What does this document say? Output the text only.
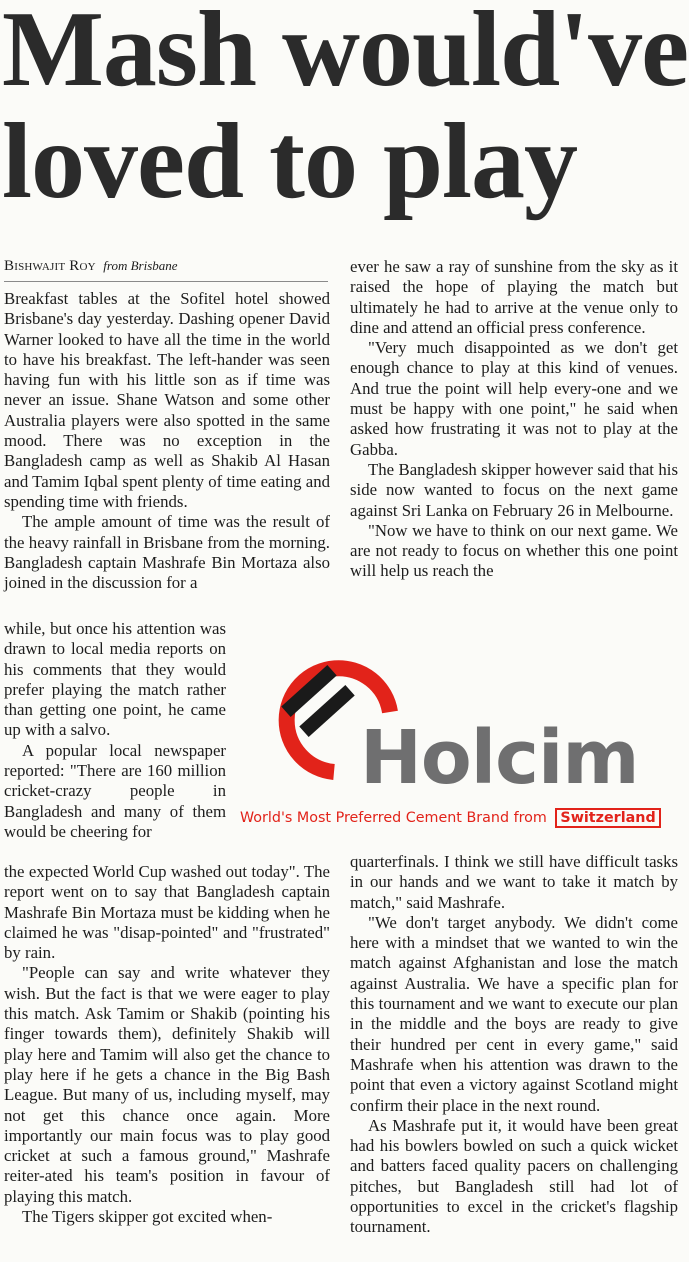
Mash would've
loved to play
Bishwajit Roy from Brisbane

Breakfast tables at the Sofitel hotel showed Brisbane's day yesterday. Dashing opener David Warner looked to have all the time in the world to have his breakfast. The left-hander was seen having fun with his little son as if time was never an issue. Shane Watson and some other Australia players were also spotted in the same mood. There was no exception in the Bangladesh camp as well as Shakib Al Hasan and Tamim Iqbal spent plenty of time eating and spending time with friends.

The ample amount of time was the result of the heavy rainfall in Brisbane from the morning. Bangladesh captain Mashrafe Bin Mortaza also joined in the discussion for a

while, but once his attention was drawn to local media reports on his comments that they would prefer playing the match rather than getting one point, he came up with a salvo.

A popular local newspaper reported: "There are 160 million cricket-crazy people in Bangladesh and many of them would be cheering for

the expected World Cup washed out today". The report went on to say that Bangladesh captain Mashrafe Bin Mortaza must be kidding when he claimed he was "disap-pointed" and "frustrated" by rain.

"People can say and write whatever they wish. But the fact is that we were eager to play this match. Ask Tamim or Shakib (pointing his finger towards them), definitely Shakib will play here and Tamim will also get the chance to play here if he gets a chance in the Big Bash League. But many of us, including myself, may not get this chance once again. More importantly our main focus was to play good cricket at such a famous ground," Mashrafe reiter-ated his team's position in favour of playing this match.

The Tigers skipper got excited when-

ever he saw a ray of sunshine from the sky as it raised the hope of playing the match but ultimately he had to arrive at the venue only to dine and attend an official press conference.

"Very much disappointed as we don't get enough chance to play at this kind of venues. And true the point will help every-one and we must be happy with one point," he said when asked how frustrating it was not to play at the Gabba.

The Bangladesh skipper however said that his side now wanted to focus on the next game against Sri Lanka on February 26 in Melbourne.

"Now we have to think on our next game. We are not ready to focus on whether this one point will help us reach the

Holcim
World's Most Preferred Cement Brand from Switzerland

quarterfinals. I think we still have difficult tasks in our hands and we want to take it match by match," said Mashrafe.

"We don't target anybody. We didn't come here with a mindset that we wanted to win the match against Afghanistan and lose the match against Australia. We have a specific plan for this tournament and we want to execute our plan in the middle and the boys are ready to give their hundred per cent in every game," said Mashrafe when his attention was drawn to the point that even a victory against Scotland might confirm their place in the next round.

As Mashrafe put it, it would have been great had his bowlers bowled on such a quick wicket and batters faced quality pacers on challenging pitches, but Bangladesh still had lot of opportunities to excel in the cricket's flagship tournament.
